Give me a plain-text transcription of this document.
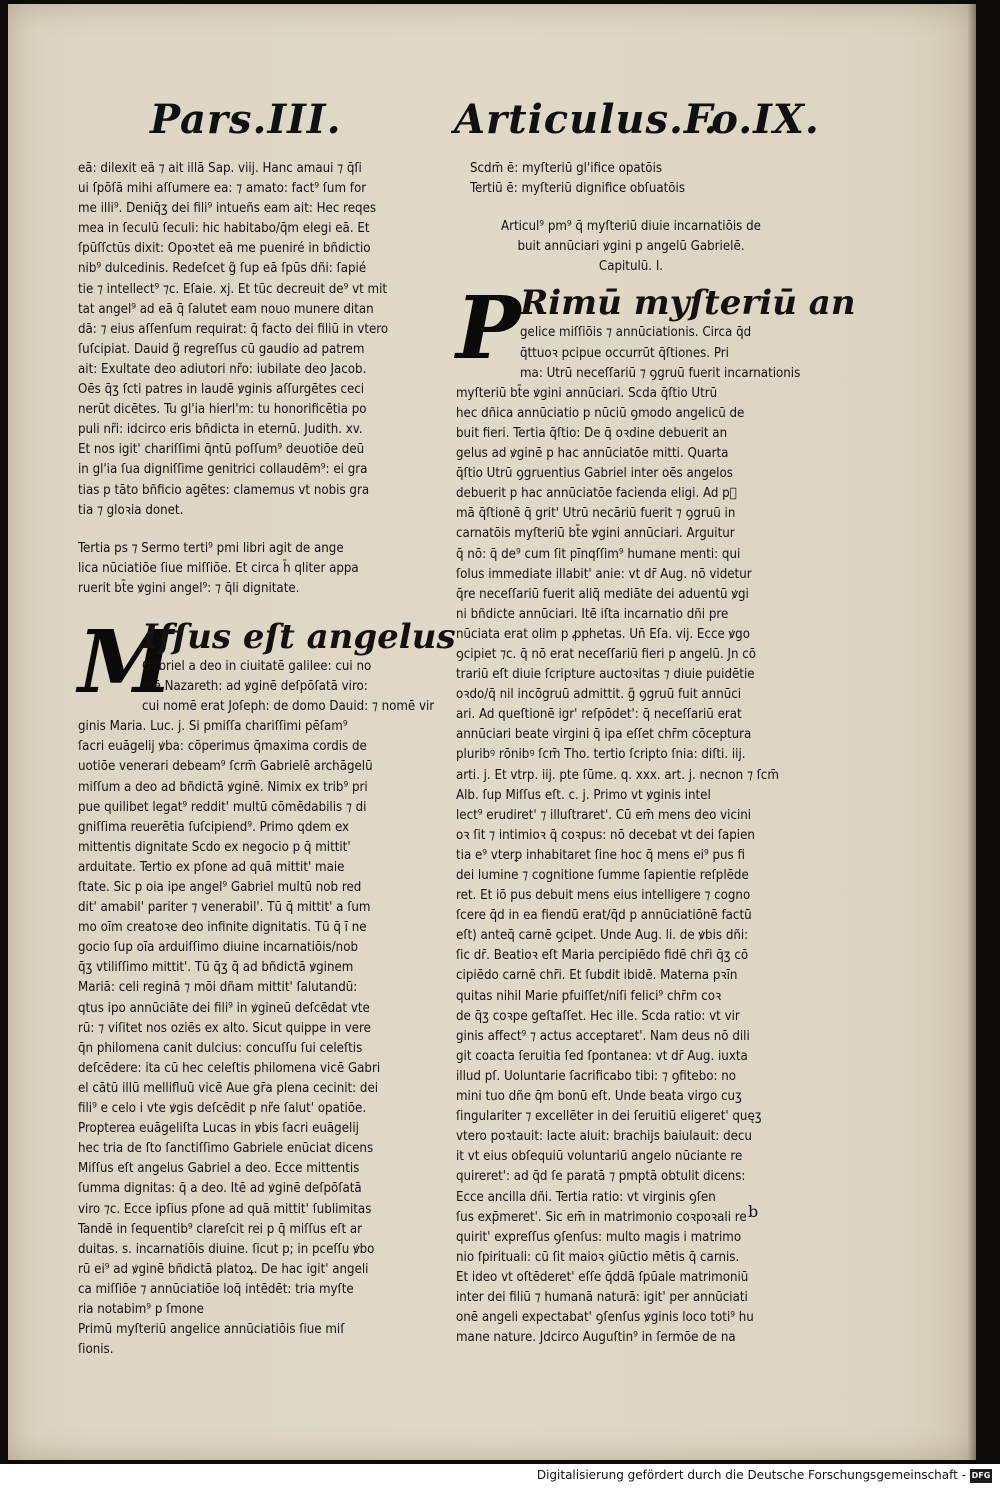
Pars.III.	Articulus.I.
Fo.IX.
eā: dilexit eā ⁊ ait illā Sap. viij. Hanc amaui ⁊ q̄ſi
ui ſpōſā mihi aſſumere ea: ⁊ amato: fact⁹ ſum for
me illi⁹. Deniq̄ʒ dei fili⁹ intueñs eam ait: Hec reqes
mea in ſeculū ſeculi: hic habitabo/q̄m elegi eā. Et
ſpūſſctūs dixit: Opoꝛtet eā me pueniré in bñdictio
nib⁹ dulcedinis. Redeſcet g̃ ſup eā ſpūs dñi: ſapié
tie ⁊ intellect⁹ ⁊c. Eſaie. xj. Et tūc decreuit de⁹ vt mit
tat angel⁹ ad eā q̄ ſalutet eam nouo munere ditan
dā: ⁊ eius aſſenſum requirat: q̄ facto dei filiū in vtero
ſuſcipiat. Dauid g̃ regreſſus cū gaudio ad patrem
ait: Exultate deo adiutori nr̃o: iubilate deo Jacob.
Oēs q̄ʒ ſcti patres in laudē ꝟginis aſſurgētes ceci
nerūt dicētes. Tu gl'ia hierl'm: tu honorificētia po
puli nr̃i: idcirco eris bñdicta in eternū. Judith. xv.
Et nos igit' chariſſimi q̄ntū poſſum⁹ deuotiōe deū
in gl'ia ſua digniſſime genitrici collaudēm⁹: ei gra
tias p tāto bñficio agētes: clamemus vt nobis gra
tia ⁊ gloꝛia donet.
Tertia ps ⁊ Sermo terti⁹ pmi libri agit de ange
lica nūciatiōe ſiue miſſiōe. Et circa h̄ qliter appa
ruerit bt̄e ꝟgini angel⁹: ⁊ q̄li dignitate.
M
Iſſus eſt angelus
Gabriel a deo in ciuitatē galilee: cui no
mē Nazareth: ad ꝟginē deſpōſatā viro:
cui nomē erat Joſeph: de domo Dauid: ⁊ nomē vir
ginis Maria. Luc. j. Si pmiſſa chariſſimi pēſam⁹
ſacri euāgelij ꝟba: cōperimus q̄maxima cordis de
uotiōe venerari debeam⁹ ſcrm̄ Gabrielē archāgelū
miſſum a deo ad bñdictā ꝟginē. Nimix ex trib⁹ pri
pue quilibet legat⁹ reddit' multū cōmēdabilis ⁊ di
gniſſima reuerētia ſuſcipiend⁹. Primo qdem ex
mittentis dignitate Scdo ex negocio p q̄ mittit'
arduitate. Tertio ex pſone ad quā mittit' maie
ſtate. Sic p oia ipe angel⁹ Gabriel multū nob red
dit' amabil' pariter ⁊ venerabil'. Tū q̄ mittit' a ſum
mo oīm creatoꝛe deo infinite dignitatis. Tū q̄ ī ne
gocio ſup oīa arduiſſimo diuine incarnatiōis/nob
q̄ʒ vtiliſſimo mittit'. Tū q̄ʒ q̄ ad bñdictā ꝟginem
Mariā: celi reginā ⁊ mōi dñam mittit' ſalutandū:
qtus ipo annūciāte dei fili⁹ in ꝟgineū deſcēdat vte
rū: ⁊ viſitet nos oziēs ex alto. Sicut quippe in vere
q̄n philomena canit dulcius: concuſſu ſui celeſtis
deſcēdere: ita cū hec celeſtis philomena vicē Gabri
el cātū illū mellifluū vicē Aue gr̄a plena cecinit: dei
fili⁹ e celo i vte ꝟgis deſcēdit p nr̃e ſalut' opatiōe.
Propterea euāgeliſta Lucas in ꝟbis ſacri euāgelij
hec tria de ſto ſanctiſſimo Gabriele enūciat dicens
Miſſus eſt angelus Gabriel a deo. Ecce mittentis
ſumma dignitas: q̄ a deo. Itē ad ꝟginē deſpōſatā
viro ⁊c. Ecce ipſius pſone ad quā mittit' ſublimitas
Tandē in ſequentib⁹ clareſcit rei p q̄ miſſus eſt ar
duitas. s. incarnatiōis diuine. ſicut p; in pceſſu ꝟbo
rū ei⁹ ad ꝟginē bñdictā platoꝝ. De hac igit' angeli
ca miſſiōe ⁊ annūciatiōe loq̄ intēdēt: tria myſte
ria notabim⁹ p ſmone
Primū myſteriū angelice annūciatiōis ſiue miſ
ſionis.
Scdm̄ ē: myſteriū gl'ifice opatōis
Tertiū ē: myſteriū dignifice obſuatōis
Articul⁹ pm⁹ q̄ myſteriū diuie incarnatiōis de
buit annūciari ꝟgini p angelū Gabrielē.
Capitulū. I.
P Rimū myſteriū an
gelice miſſiōis ⁊ annūciationis. Circa q̄d
q̄ttuoꝛ pcipue occurrūt q̄ſtiones. Pri
ma: Utrū neceſſariū ⁊ ꝯgruū fuerit incarnationis
myſteriū bt̄e ꝟgini annūciari. Scda q̄ſtio Utrū
hec dñica annūciatio p nūciū ꝯmodo angelicū de
buit fieri. Tertia q̄ſtio: De q̄ oꝛdine debuerit an
gelus ad ꝟginē p hac annūciatōe mitti. Quarta
q̄ſtio Utrū ꝯgruentius Gabriel inter oēs angelos
debuerit p hac annūciatōe facienda eligi. Ad pᷓ
mā q̄ſtionē q̄ grit' Utrū necāriū fuerit ⁊ ꝯgruū in
carnatōis myſteriū bt̄e ꝟgini annūciari. Arguitur
q̄ nō: q̄ de⁹ cum ſit pīnqſſim⁹ humane menti: qui
ſolus immediate illabit' anie: vt dr̄ Aug. nō videtur
q̄re neceſſariū fuerit aliq̄ mediāte dei aduentū ꝟgi
ni bñdicte annūciari. Itē iſta incarnatio dñi pre
nūciata erat olim p ꝓphetas. Un̄ Eſa. vij. Ecce ꝟgo
ꝯcipiet ⁊c. q̄ nō erat neceſſariū fieri p angelū. Jn cō
trariū eſt diuie ſcripture auctoꝛitas ⁊ diuie puidētie
oꝛdo/q̄ nil incōgruū admittit. g̃ ꝯgruū fuit annūci
ari. Ad queſtionē igr' reſpōdet': q̄ neceſſariū erat
annūciari beate virgini q̄ ipa eſſet chr̄m cōceptura
pluribꝰ rōnibꝰ ſcm̄ Tho. tertio ſcripto ſnia: diſti. iij.
arti. j. Et vtrp. iij. pte ſūme. q. xxx. art. j. necnon ⁊ ſcm̄
Alb. ſup Miſſus eſt. c. j. Primo vt ꝟginis intel
lect⁹ erudiret' ⁊ illuſtraret'. Cū em̄ mens deo vicini
oꝛ ſit ⁊ intimioꝛ q̄ coꝛpus: nō decebat vt dei ſapien
tia e⁹ vterꝑ inhabitaret ſine hoc q̄ mens ei⁹ pus fi
dei lumine ⁊ cognitione ſumme ſapientie reſplēde
ret. Et iō pus debuit mens eius intelligere ⁊ cogno
ſcere q̄d in ea fiendū erat/q̄d p annūciatiōnē factū
eſt) anteq̄ carnē ꝯcipet. Unde Aug. li. de ꝟbis dñi:
ſic dr̄. Beatioꝛ eſt Maria percipiēdo fidē chr̄i q̄ʒ cō
cipiēdo carnē chr̄i. Et ſubdit ibidē. Materna pꝛīn
quitas nihil Marie pfuiſſet/niſi felici⁹ chr̄m coꝛ
de q̄ʒ coꝛpe geſtaſſet. Hec ille. Scda ratio: vt vir
ginis affect⁹ ⁊ actus acceptaret'. Nam deus nō dili
git coacta ſeruitia ſed ſpontanea: vt dr̄ Aug. iuxta
illud pſ. Uoluntarie ſacrificabo tibi: ⁊ ꝯfitebo: no
mini tuo dñe q̄m bonū eſt. Unde beata virgo cuʒ
ſingulariter ⁊ excellēter in dei ſeruitiū eligeret' quęʒ
vtero poꝛtauit: lacte aluit: brachijs baiulauit: decu
it vt eius obſequiū voluntariū angelo nūciante re
quireret': ad q̄d ſe paratā ⁊ pmptā obtulit dicens:
Ecce ancilla dñi. Tertia ratio: vt virginis ꝯſen
ſus exp̄meret'. Sic em̄ in matrimonio coꝛpoꝛali re
quirit' expreſſus ꝯſenſus: multo magis i matrimo
nio ſpirituali: cū ſit maioꝛ ꝯiūctio mētis q̄ carnis.
Et ideo vt oſtēderet' eſſe q̄ddā ſpūale matrimoniū
inter dei filiū ⁊ humanā naturā: igit' per annūciati
onē angeli expectabat' ꝯſenſus ꝟginis loco toti⁹ hu
mane nature. Jdcirco Auguſtin⁹ in ſermōe de na
b
Digitalisierung gefördert durch die Deutsche Forschungsgemeinschaft - DFG
